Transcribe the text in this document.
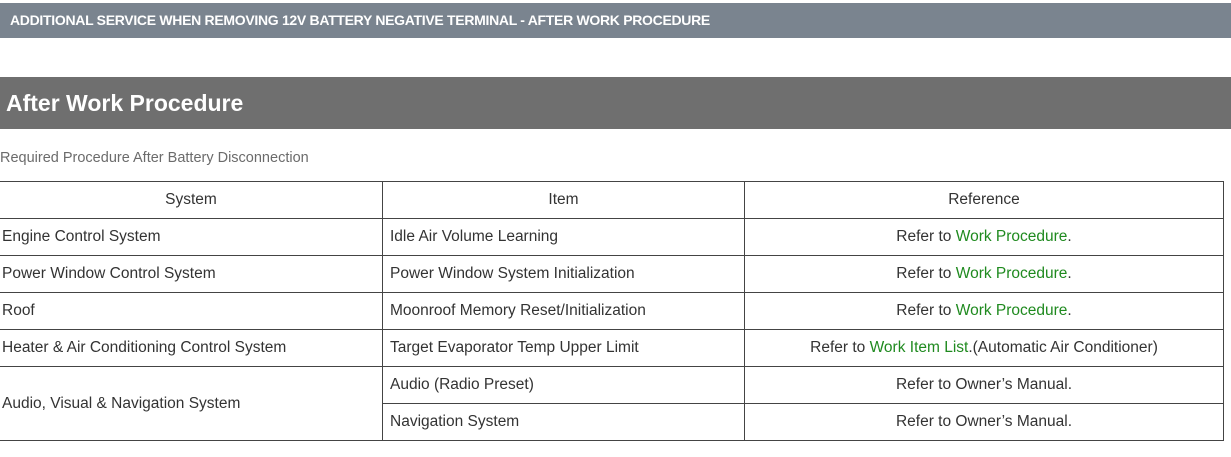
ADDITIONAL SERVICE WHEN REMOVING 12V BATTERY NEGATIVE TERMINAL - AFTER WORK PROCEDURE
After Work Procedure
Required Procedure After Battery Disconnection
System	Item	Reference
Engine Control System	Idle Air Volume Learning	Refer to Work Procedure.
Power Window Control System	Power Window System Initialization	Refer to Work Procedure.
Roof	Moonroof Memory Reset/Initialization	Refer to Work Procedure.
Heater & Air Conditioning Control System	Target Evaporator Temp Upper Limit	Refer to Work Item List.(Automatic Air Conditioner)
Audio, Visual & Navigation System	Audio (Radio Preset)	Refer to Owner’s Manual.
	Navigation System	Refer to Owner’s Manual.
